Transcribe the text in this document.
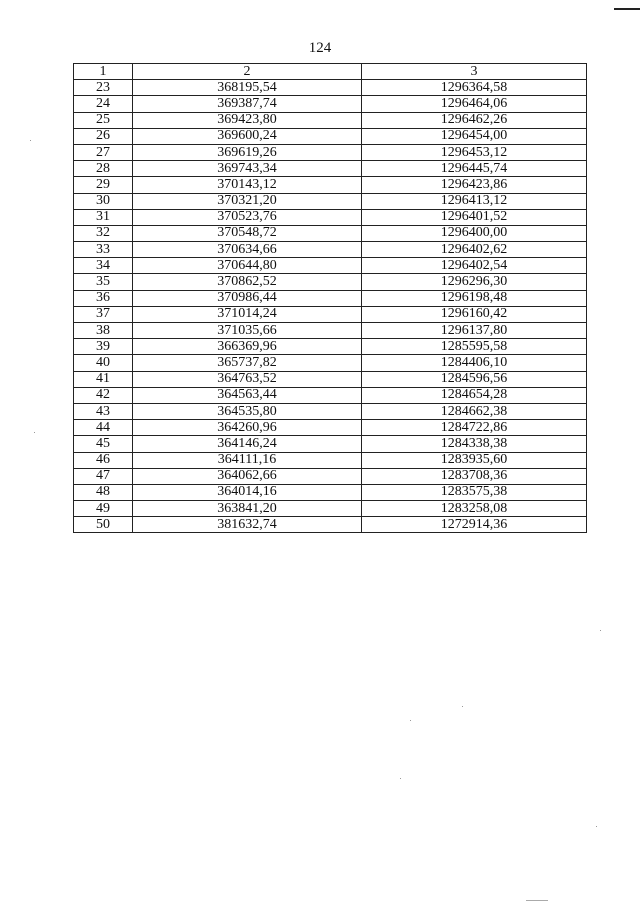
124
1	2	3
23	368195,54	1296364,58
24	369387,74	1296464,06
25	369423,80	1296462,26
26	369600,24	1296454,00
27	369619,26	1296453,12
28	369743,34	1296445,74
29	370143,12	1296423,86
30	370321,20	1296413,12
31	370523,76	1296401,52
32	370548,72	1296400,00
33	370634,66	1296402,62
34	370644,80	1296402,54
35	370862,52	1296296,30
36	370986,44	1296198,48
37	371014,24	1296160,42
38	371035,66	1296137,80
39	366369,96	1285595,58
40	365737,82	1284406,10
41	364763,52	1284596,56
42	364563,44	1284654,28
43	364535,80	1284662,38
44	364260,96	1284722,86
45	364146,24	1284338,38
46	364111,16	1283935,60
47	364062,66	1283708,36
48	364014,16	1283575,38
49	363841,20	1283258,08
50	381632,74	1272914,36
